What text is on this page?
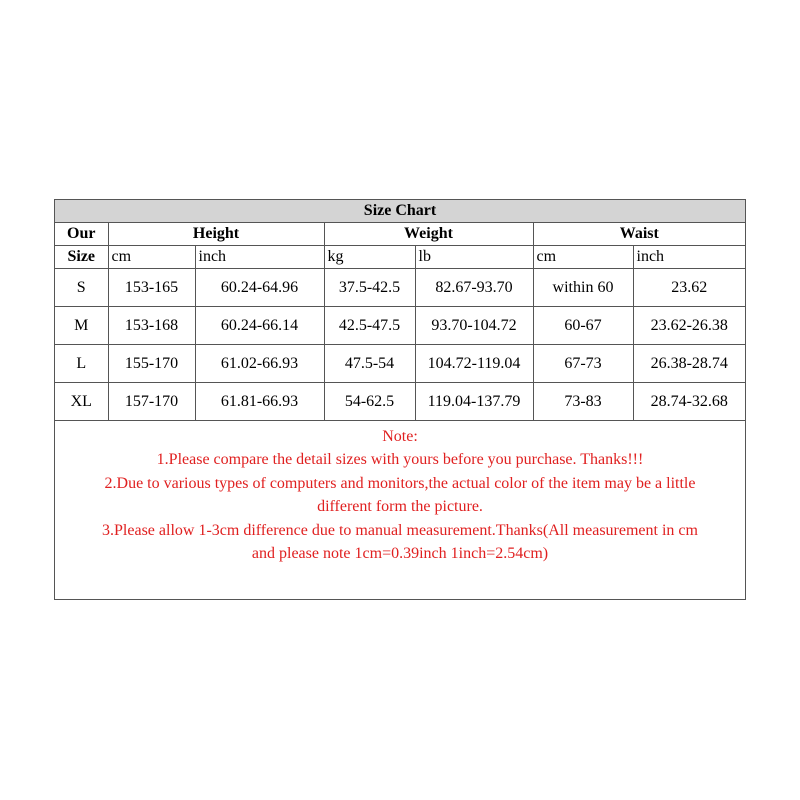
Size Chart						
Our	Height		Weight		Waist	
Size	cm	inch	kg	lb	cm	inch
S	153-165	60.24-64.96	37.5-42.5	82.67-93.70	within 60	23.62
M	153-168	60.24-66.14	42.5-47.5	93.70-104.72	60-67	23.62-26.38
L	155-170	61.02-66.93	47.5-54	104.72-119.04	67-73	26.38-28.74
XL	157-170	61.81-66.93	54-62.5	119.04-137.79	73-83	28.74-32.68
Note:
1.Please compare the detail sizes with yours before you purchase. Thanks!!!
2.Due to various types of computers and monitors,the actual color of the item may be a little
different form the picture.
3.Please allow 1-3cm difference due to manual measurement.Thanks(All measurement in cm
and please note 1cm=0.39inch 1inch=2.54cm)
